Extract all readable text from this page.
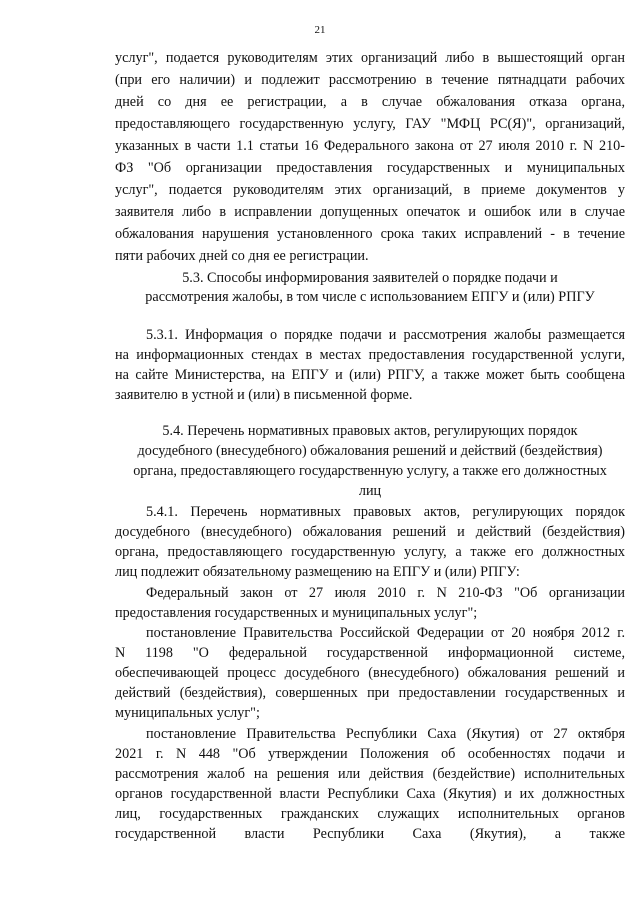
21
услуг", подается руководителям этих организаций либо в вышестоящий орган
(при его наличии) и подлежит рассмотрению в течение пятнадцати рабочих
дней со дня ее регистрации, а в случае обжалования отказа органа,
предоставляющего государственную услугу, ГАУ "МФЦ РС(Я)", организаций,
указанных в части 1.1 статьи 16 Федерального закона от 27 июля 2010 г. N 210-
ФЗ "Об организации предоставления государственных и муниципальных
услуг", подается руководителям этих организаций, в приеме документов у
заявителя либо в исправлении допущенных опечаток и ошибок или в случае
обжалования нарушения установленного срока таких исправлений - в течение
пяти рабочих дней со дня ее регистрации.
5.3. Способы информирования заявителей о порядке подачи и
рассмотрения жалобы, в том числе с использованием ЕПГУ и (или) РПГУ
5.3.1. Информация о порядке подачи и рассмотрения жалобы размещается
на информационных стендах в местах предоставления государственной услуги,
на сайте Министерства, на ЕПГУ и (или) РПГУ, а также может быть сообщена
заявителю в устной и (или) в письменной форме.
5.4. Перечень нормативных правовых актов, регулирующих порядок
досудебного (внесудебного) обжалования решений и действий (бездействия)
органа, предоставляющего государственную услугу, а также его должностных
лиц
5.4.1. Перечень нормативных правовых актов, регулирующих порядок
досудебного (внесудебного) обжалования решений и действий (бездействия)
органа, предоставляющего государственную услугу, а также его должностных
лиц подлежит обязательному размещению на ЕПГУ и (или) РПГУ:
Федеральный закон от 27 июля 2010 г. N 210-ФЗ "Об организации
предоставления государственных и муниципальных услуг";
постановление Правительства Российской Федерации от 20 ноября 2012 г.
N 1198 "О федеральной государственной информационной системе,
обеспечивающей процесс досудебного (внесудебного) обжалования решений и
действий (бездействия), совершенных при предоставлении государственных и
муниципальных услуг";
постановление Правительства Республики Саха (Якутия) от 27 октября
2021 г. N 448 "Об утверждении Положения об особенностях подачи и
рассмотрения жалоб на решения или действия (бездействие) исполнительных
органов государственной власти Республики Саха (Якутия) и их должностных
лиц, государственных гражданских служащих исполнительных органов
государственной власти Республики Саха (Якутия), а также
